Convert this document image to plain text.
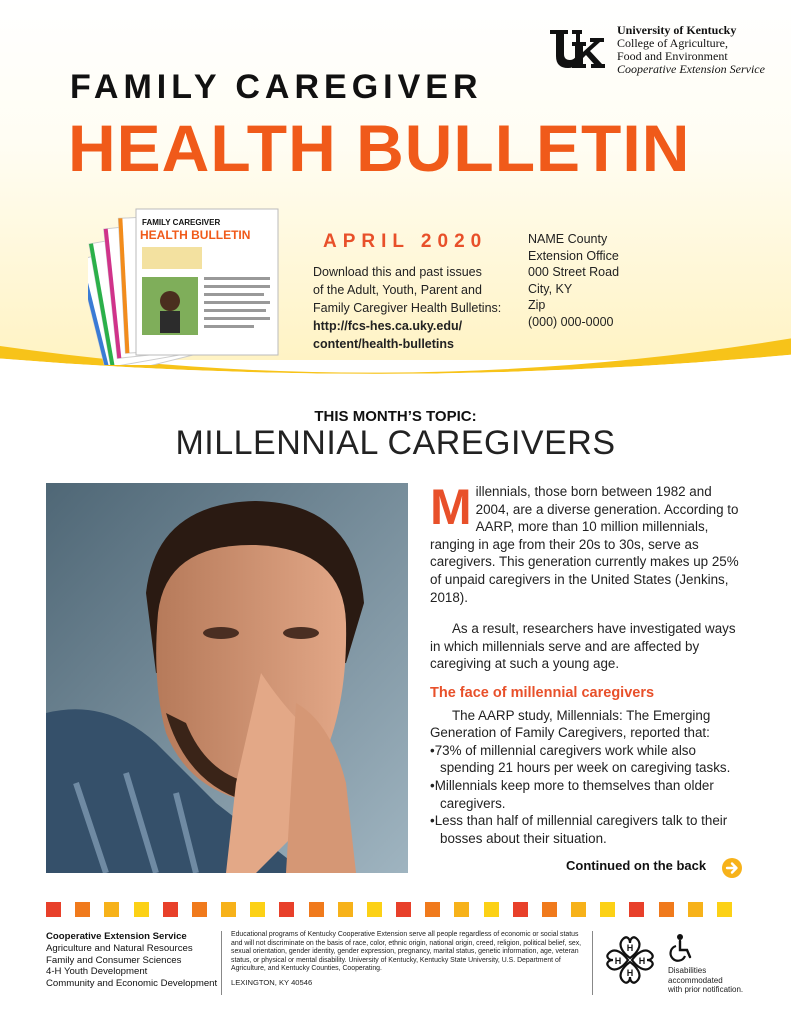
University of Kentucky
College of Agriculture,
Food and Environment
Cooperative Extension Service
FAMILY CAREGIVER
HEALTH BULLETIN
FAMILY CAREGIVER
HEALTH BULLETIN	APRIL 2020
Download this and past issues
of the Adult, Youth, Parent and
Family Caregiver Health Bulletins:
http://fcs-hes.ca.uky.edu/
content/health-bulletins
NAME County
Extension Office
000 Street Road
City, KY
Zip
(000) 000-0000
THIS MONTH’S TOPIC:
MILLENNIAL CAREGIVERS

Millennials, those born between 1982 and 2004, are a diverse generation. According to AARP, more than 10 million millennials, ranging in age from their 20s to 30s, serve as caregivers. This generation currently makes up 25% of unpaid caregivers in the United States (Jenkins, 2018).

As a result, researchers have investigated ways in which millennials serve and are affected by caregiving at such a young age.

The face of millennial caregivers

The AARP study, Millennials: The Emerging Generation of Family Caregivers, reported that:

• 73% of millennial caregivers work while also spending 21 hours per week on caregiving tasks.
• Millennials keep more to themselves than older caregivers.
• Less than half of millennial caregivers talk to their bosses about their situation.
Continued on the back
Cooperative Extension Service
Agriculture and Natural Resources
Family and Consumer Sciences
4-H Youth Development
Community and Economic Development
Educational programs of Kentucky Cooperative Extension serve all people regardless of economic or social status and will not discriminate on the basis of race, color, ethnic origin, national origin, creed, religion, political belief, sex, sexual orientation, gender identity, gender expression, pregnancy, marital status, genetic information, age, veteran status, or physical or mental disability. University of Kentucky, Kentucky State University, U.S. Department of Agriculture, and Kentucky Counties, Cooperating.
LEXINGTON, KY 40546
H
H
H H
Disabilities
accommodated
with prior notification.
